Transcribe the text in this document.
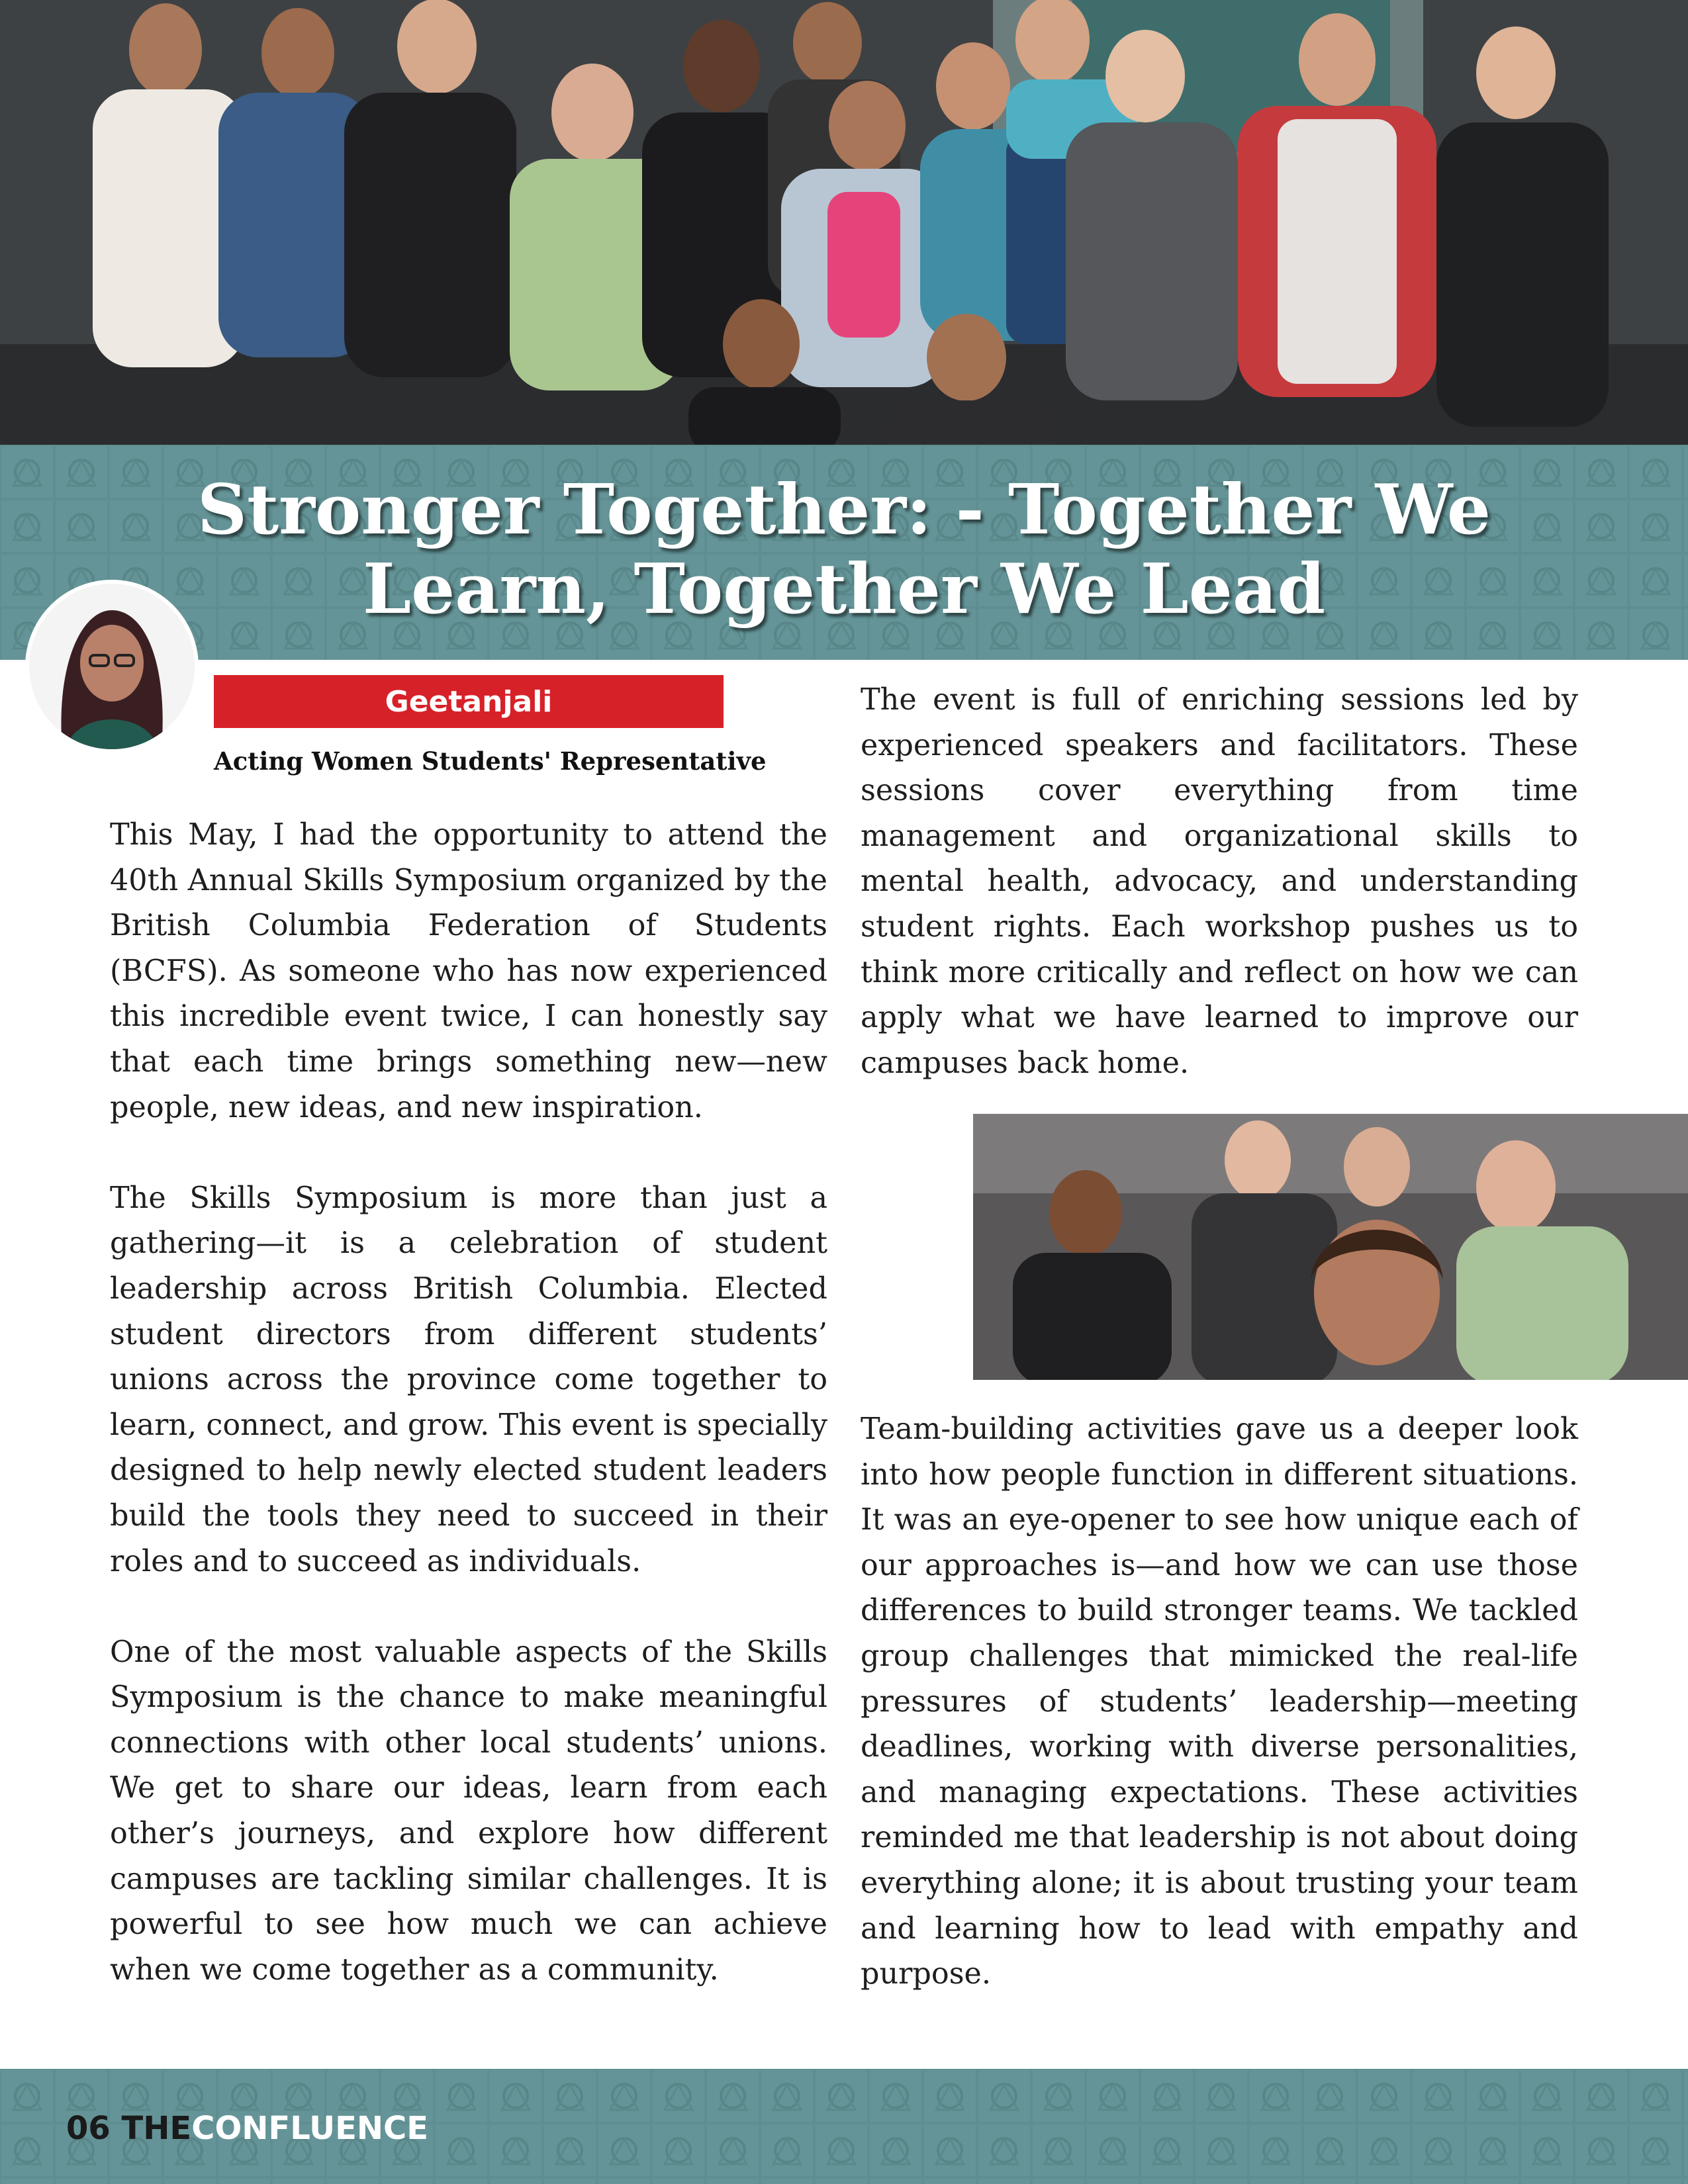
Stronger Together: - Together We
Learn, Together We Lead
Geetanjali
Acting Women Students' Representative

This May, I had the opportunity to attend the 40th Annual Skills Symposium organized by the British Columbia Federation of Students (BCFS). As someone who has now experienced this incredible event twice, I can honestly say that each time brings something new—new people, new ideas, and new inspiration.

The Skills Symposium is more than just a gathering—it is a celebration of student leadership across British Columbia. Elected student directors from different students’ unions across the province come together to learn, connect, and grow. This event is specially designed to help newly elected student leaders build the tools they need to succeed in their roles and to succeed as individuals.

One of the most valuable aspects of the Skills Symposium is the chance to make meaningful connections with other local students’ unions. We get to share our ideas, learn from each other’s journeys, and explore how different campuses are tackling similar challenges. It is powerful to see how much we can achieve when we come together as a community.

The event is full of enriching sessions led by experienced speakers and facilitators. These sessions cover everything from time management and organizational skills to mental health, advocacy, and understanding student rights. Each workshop pushes us to think more critically and reflect on how we can apply what we have learned to improve our campuses back home.

Team-building activities gave us a deeper look into how people function in different situations. It was an eye-opener to see how unique each of our approaches is—and how we can use those differences to build stronger teams. We tackled group challenges that mimicked the real-life pressures of students’ leadership—meeting deadlines, working with diverse personalities, and managing expectations. These activities reminded me that leadership is not about doing everything alone; it is about trusting your team and learning how to lead with empathy and purpose.

06 THECONFLUENCE
